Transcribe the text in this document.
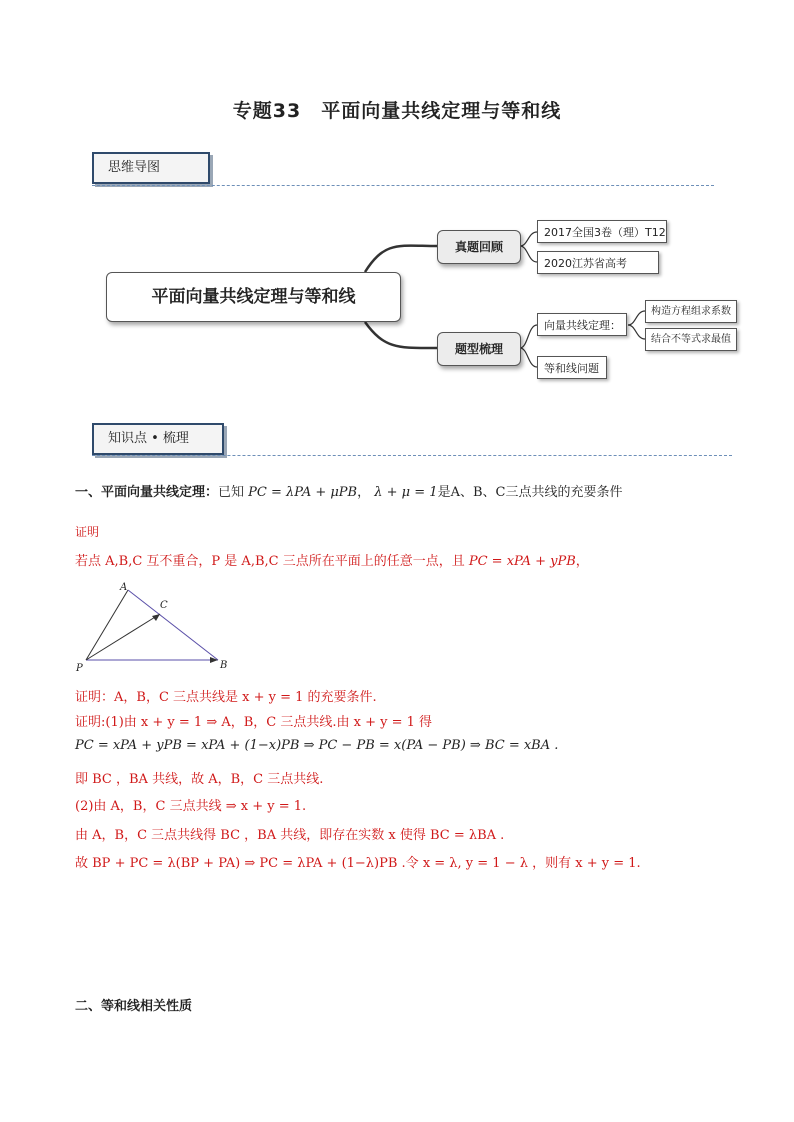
专题33　平面向量共线定理与等和线
思维导图
平面向量共线定理与等和线
真题回顾
题型梳理
2017全国3卷（理）T12
2020江苏省高考
向量共线定理：
等和线问题
构造方程组求系数
结合不等式求最值
知识点 • 梳理
一、平面向量共线定理：已知 PC = λPA + μPB， λ + μ = 1是A、B、C三点共线的充要条件
证明
若点 A,B,C 互不重合，P 是 A,B,C 三点所在平面上的任意一点，且 PC = xPA + yPB，
A
C
P	B
证明：A，B，C 三点共线是 x + y = 1 的充要条件.
证明:(1)由 x + y = 1 ⇒ A，B，C 三点共线.由 x + y = 1 得
PC = xPA + yPB = xPA + (1−x)PB ⇒ PC − PB = x(PA − PB) ⇒ BC = xBA .
即 BC ，BA 共线，故 A，B，C 三点共线.
(2)由 A，B，C 三点共线 ⇒ x + y = 1.
由 A，B，C 三点共线得 BC ，BA 共线，即存在实数 x 使得 BC = λBA .
故 BP + PC = λ(BP + PA) ⇒ PC = λPA + (1−λ)PB .令 x = λ, y = 1 − λ ，则有 x + y = 1.
二、等和线相关性质
